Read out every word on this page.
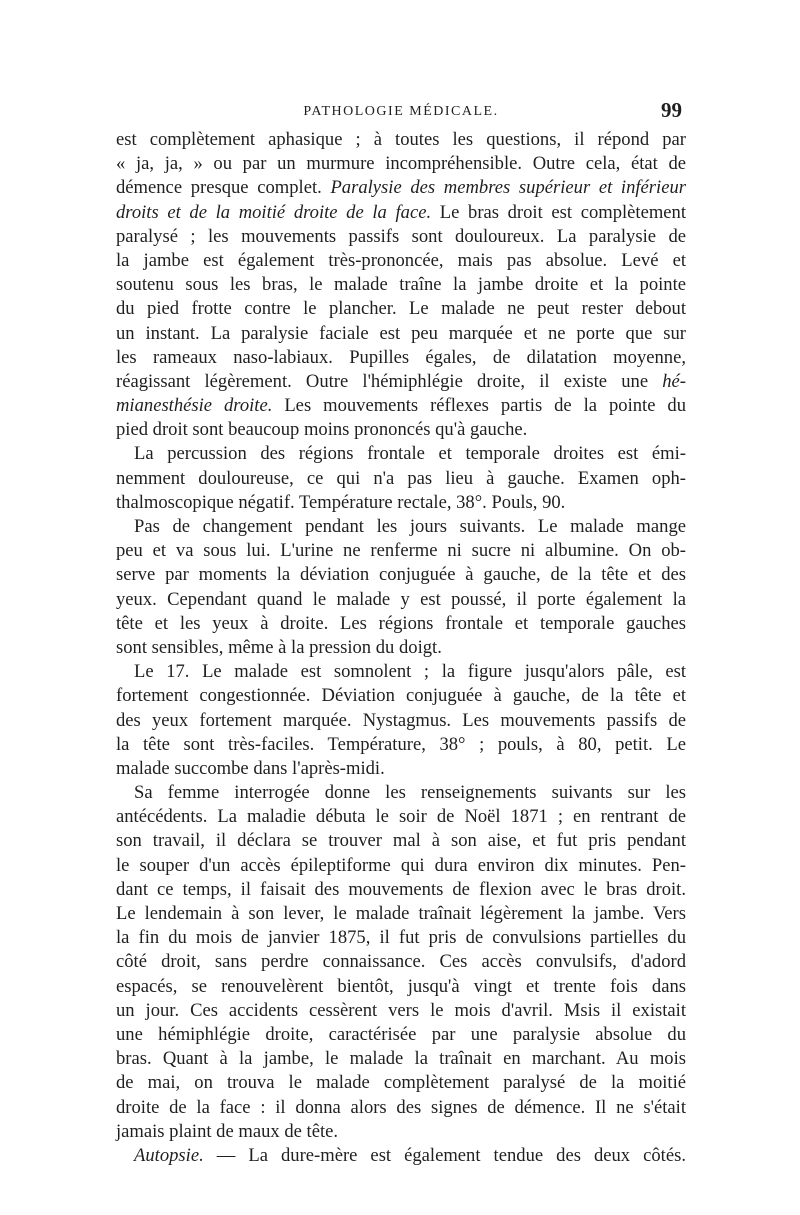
PATHOLOGIE MÉDICALE.	99
est complètement aphasique ; à toutes les questions, il répond par
« ja, ja, » ou par un murmure incompréhensible. Outre cela, état de
démence presque complet. Paralysie des membres supérieur et inférieur
droits et de la moitié droite de la face. Le bras droit est complètement
paralysé ; les mouvements passifs sont douloureux. La paralysie de
la jambe est également très-prononcée, mais pas absolue. Levé et
soutenu sous les bras, le malade traîne la jambe droite et la pointe
du pied frotte contre le plancher. Le malade ne peut rester debout
un instant. La paralysie faciale est peu marquée et ne porte que sur
les rameaux naso-labiaux. Pupilles égales, de dilatation moyenne,
réagissant légèrement. Outre l'hémiphlégie droite, il existe une hé-
mianesthésie droite. Les mouvements réflexes partis de la pointe du
pied droit sont beaucoup moins prononcés qu'à gauche.
La percussion des régions frontale et temporale droites est émi-
nemment douloureuse, ce qui n'a pas lieu à gauche. Examen oph-
thalmoscopique négatif. Température rectale, 38°. Pouls, 90.
Pas de changement pendant les jours suivants. Le malade mange
peu et va sous lui. L'urine ne renferme ni sucre ni albumine. On ob-
serve par moments la déviation conjuguée à gauche, de la tête et des
yeux. Cependant quand le malade y est poussé, il porte également la
tête et les yeux à droite. Les régions frontale et temporale gauches
sont sensibles, même à la pression du doigt.
Le 17. Le malade est somnolent ; la figure jusqu'alors pâle, est
fortement congestionnée. Déviation conjuguée à gauche, de la tête et
des yeux fortement marquée. Nystagmus. Les mouvements passifs de
la tête sont très-faciles. Température, 38° ; pouls, à 80, petit. Le
malade succombe dans l'après-midi.
Sa femme interrogée donne les renseignements suivants sur les
antécédents. La maladie débuta le soir de Noël 1871 ; en rentrant de
son travail, il déclara se trouver mal à son aise, et fut pris pendant
le souper d'un accès épileptiforme qui dura environ dix minutes. Pen-
dant ce temps, il faisait des mouvements de flexion avec le bras droit.
Le lendemain à son lever, le malade traînait légèrement la jambe. Vers
la fin du mois de janvier 1875, il fut pris de convulsions partielles du
côté droit, sans perdre connaissance. Ces accès convulsifs, d'adord
espacés, se renouvelèrent bientôt, jusqu'à vingt et trente fois dans
un jour. Ces accidents cessèrent vers le mois d'avril. Msis il existait
une hémiphlégie droite, caractérisée par une paralysie absolue du
bras. Quant à la jambe, le malade la traînait en marchant. Au mois
de mai, on trouva le malade complètement paralysé de la moitié
droite de la face : il donna alors des signes de démence. Il ne s'était
jamais plaint de maux de tête.
Autopsie. — La dure-mère est également tendue des deux côtés.
